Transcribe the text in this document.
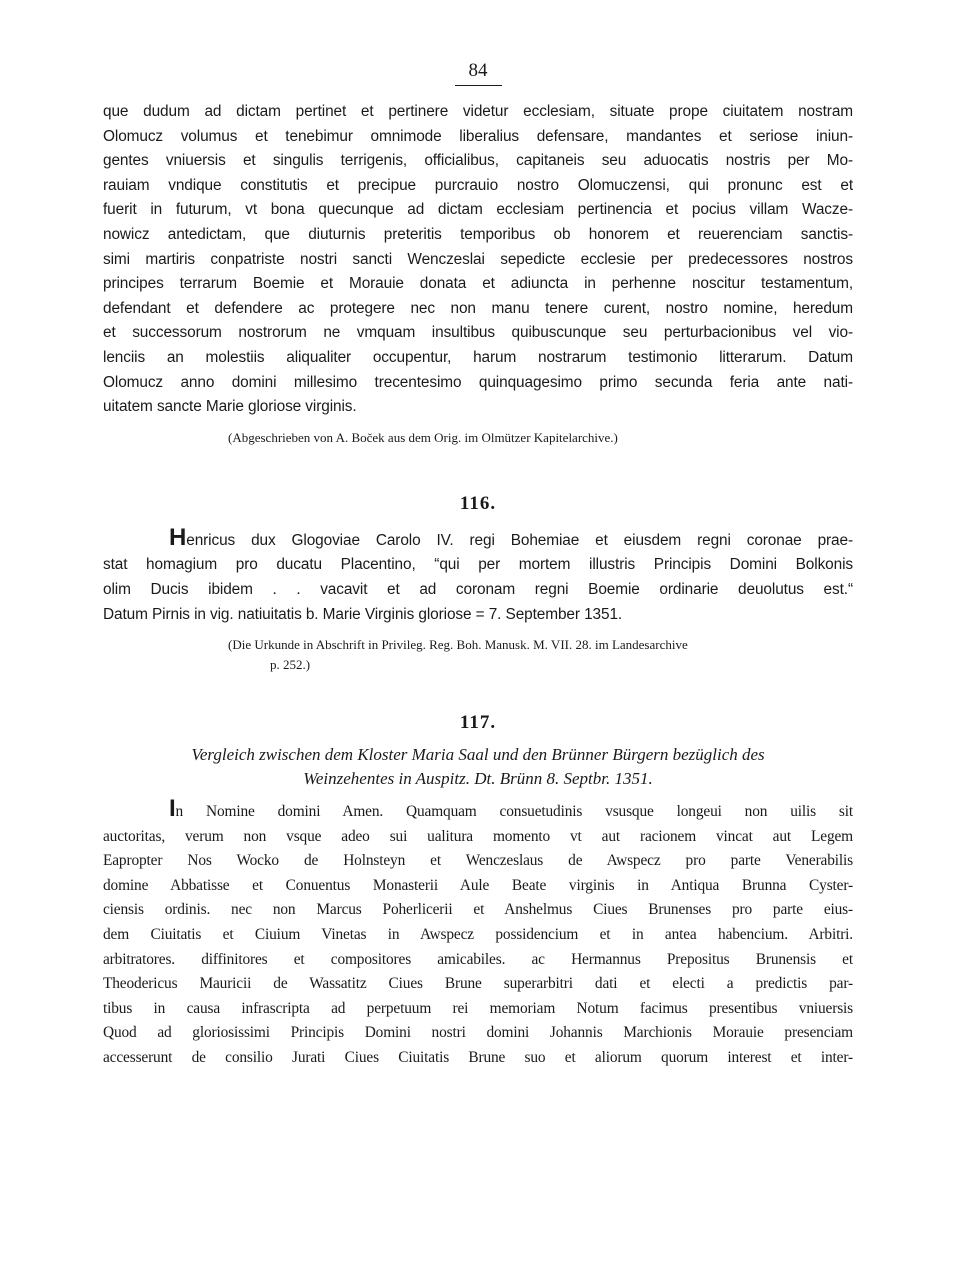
84
que dudum ad dictam pertinet et pertinere videtur ecclesiam, situate prope ciuitatem nostram
Olomucz volumus et tenebimur omnimode liberalius defensare, mandantes et seriose iniun-
gentes vniuersis et singulis terrigenis, officialibus, capitaneis seu aduocatis nostris per Mo-
rauiam vndique constitutis et precipue purcrauio nostro Olomuczensi, qui pronunc est et
fuerit in futurum, vt bona quecunque ad dictam ecclesiam pertinencia et pocius villam Wacze-
nowicz antedictam, que diuturnis preteritis temporibus ob honorem et reuerenciam sanctis-
simi martiris conpatriste nostri sancti Wenczeslai sepedicte ecclesie per predecessores nostros
principes terrarum Boemie et Morauie donata et adiuncta in perhenne noscitur testamentum,
defendant et defendere ac protegere nec non manu tenere curent, nostro nomine, heredum
et successorum nostrorum ne vmquam insultibus quibuscunque seu perturbacionibus vel vio-
lenciis an molestiis aliqualiter occupentur, harum nostrarum testimonio litterarum. Datum
Olomucz anno domini millesimo trecentesimo quinquagesimo primo secunda feria ante nati-
uitatem sancte Marie gloriose virginis.
(Abgeschrieben von A. Boček aus dem Orig. im Olmützer Kapitelarchive.)
116.
Henricus dux Glogoviae Carolo IV. regi Bohemiae et eiusdem regni coronae prae-
stat homagium pro ducatu Placentino, “qui per mortem illustris Principis Domini Bolkonis
olim Ducis ibidem . . vacavit et ad coronam regni Boemie ordinarie deuolutus est.“
Datum Pirnis in vig. natiuitatis b. Marie Virginis gloriose = 7. September 1351.
(Die Urkunde in Abschrift in Privileg. Reg. Boh. Manusk. M. VII. 28. im Landesarchive
p. 252.)
117.
Vergleich zwischen dem Kloster Maria Saal und den Brünner Bürgern bezüglich des
Weinzehentes in Auspitz. Dt. Brünn 8. Septbr. 1351.
In Nomine domini Amen. Quamquam consuetudinis vsusque longeui non uilis sit
auctoritas, verum non vsque adeo sui ualitura momento vt aut racionem vincat aut Legem
Eapropter Nos Wocko de Holnsteyn et Wenczeslaus de Awspecz pro parte Venerabilis
domine Abbatisse et Conuentus Monasterii Aule Beate virginis in Antiqua Brunna Cyster-
ciensis ordinis. nec non Marcus Poherlicerii et Anshelmus Ciues Brunenses pro parte eius-
dem Ciuitatis et Ciuium Vinetas in Awspecz possidencium et in antea habencium. Arbitri.
arbitratores. diffinitores et compositores amicabiles. ac Hermannus Prepositus Brunensis et
Theodericus Mauricii de Wassatitz Ciues Brune superarbitri dati et electi a predictis par-
tibus in causa infrascripta ad perpetuum rei memoriam Notum facimus presentibus vniuersis
Quod ad gloriosissimi Principis Domini nostri domini Johannis Marchionis Morauie presenciam
accesserunt de consilio Jurati Ciues Ciuitatis Brune suo et aliorum quorum interest et inter-
